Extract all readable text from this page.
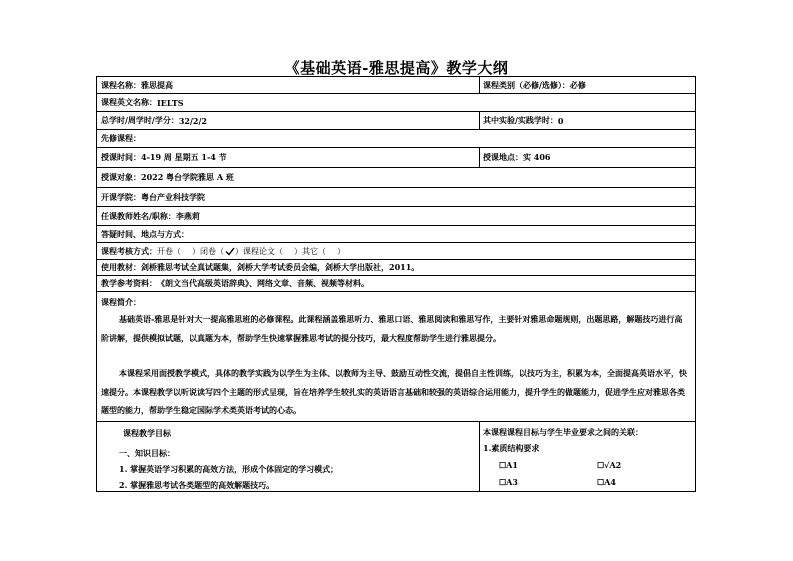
《基础英语-雅思提高》教学大纲
课程名称： 雅思提高	课程类别（必修/选修）： 必修
课程英文名称： IELTS
总学时/周学时/学分： 32/2/2	其中实验/实践学时： 0
先修课程：
授课时间： 4-19 周 星期五 1-4 节	授课地点： 实 406
授课对象： 2022 粤台学院雅思 A 班
开课学院： 粤台产业科技学院
任课教师姓名/职称： 李燕莉
答疑时间、地点与方式：
课程考核方式： 开卷（ ）闭卷（ ）课程论文（ ）其它（ ）
使用教材： 剑桥雅思考试全真试题集，剑桥大学考试委员会编，剑桥大学出版社，2011。
教学参考资料： 《朗文当代高级英语辞典》、网络文章、音频、视频等材料。
课程简介：
基础英语-雅思是针对大一提高雅思班的必修课程。此课程涵盖雅思听力、雅思口语、雅思阅读和雅思写作，主要针对雅思命题规则，出题思路，解题技巧进行高阶讲解，提供模拟试题，以真题为本，帮助学生快速掌握雅思考试的提分技巧，最大程度帮助学生进行雅思提分。
本课程采用面授教学模式，具体的教学实践为以学生为主体、以教师为主导、鼓励互动性交流，提倡自主性训练，以技巧为主，积累为本，全面提高英语水平，快速提分。本课程教学以听说读写四个主题的形式呈现，旨在培养学生较扎实的英语语言基础和较强的英语综合运用能力，提升学生的做题能力，促进学生应对雅思各类题型的能力，帮助学生稳定国际学术类英语考试的心态。
课程教学目标
一、知识目标：
1. 掌握英语学习积累的高效方法，形成个体固定的学习模式；
2. 掌握雅思考试各类题型的高效解题技巧。
本课程课程目标与学生毕业要求之间的关联：
1.素质结构要求
☐A1	☐√A2
☐A3	☐A4
